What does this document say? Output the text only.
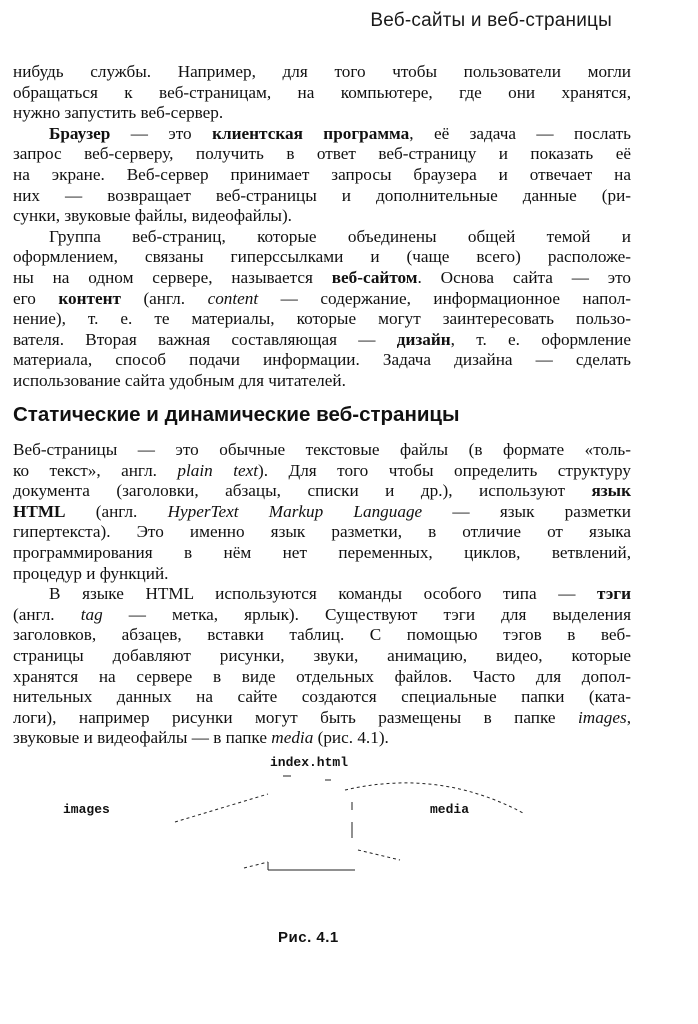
Веб-сайты и веб-страницы

нибудь службы. Например, для того чтобы пользователи могли
обращаться к веб-страницам, на компьютере, где они хранятся,
нужно запустить веб-сервер.

Браузер — это клиентская программа, её задача — послать
запрос веб-серверу, получить в ответ веб-страницу и показать её
на экране. Веб-сервер принимает запросы браузера и отвечает на
них — возвращает веб-страницы и дополнительные данные (ри-
сунки, звуковые файлы, видеофайлы).

Группа веб-страниц, которые объединены общей темой и
оформлением, связаны гиперссылками и (чаще всего) расположе-
ны на одном сервере, называется веб-сайтом. Основа сайта — это
его контент (англ. content — содержание, информационное напол-
нение), т. е. те материалы, которые могут заинтересовать пользо-
вателя. Вторая важная составляющая — дизайн, т. е. оформление
материала, способ подачи информации. Задача дизайна — сделать
использование сайта удобным для читателей.

Статические и динамические веб-страницы

Веб-страницы — это обычные текстовые файлы (в формате «толь-
ко текст», англ. plain text). Для того чтобы определить структуру
документа (заголовки, абзацы, списки и др.), используют язык
HTML (англ. HyperText Markup Language — язык разметки
гипертекста). Это именно язык разметки, в отличие от языка
программирования в нём нет переменных, циклов, ветвлений,
процедур и функций.

В языке HTML используются команды особого типа — тэги
(англ. tag — метка, ярлык). Существуют тэги для выделения
заголовков, абзацев, вставки таблиц. С помощью тэгов в веб-
страницы добавляют рисунки, звуки, анимацию, видео, которые
хранятся на сервере в виде отдельных файлов. Часто для допол-
нительных данных на сайте создаются специальные папки (ката-
логи), например рисунки могут быть размещены в папке images,
звуковые и видеофайлы — в папке media (рис. 4.1).

index.html
images	media
Рис. 4.1
